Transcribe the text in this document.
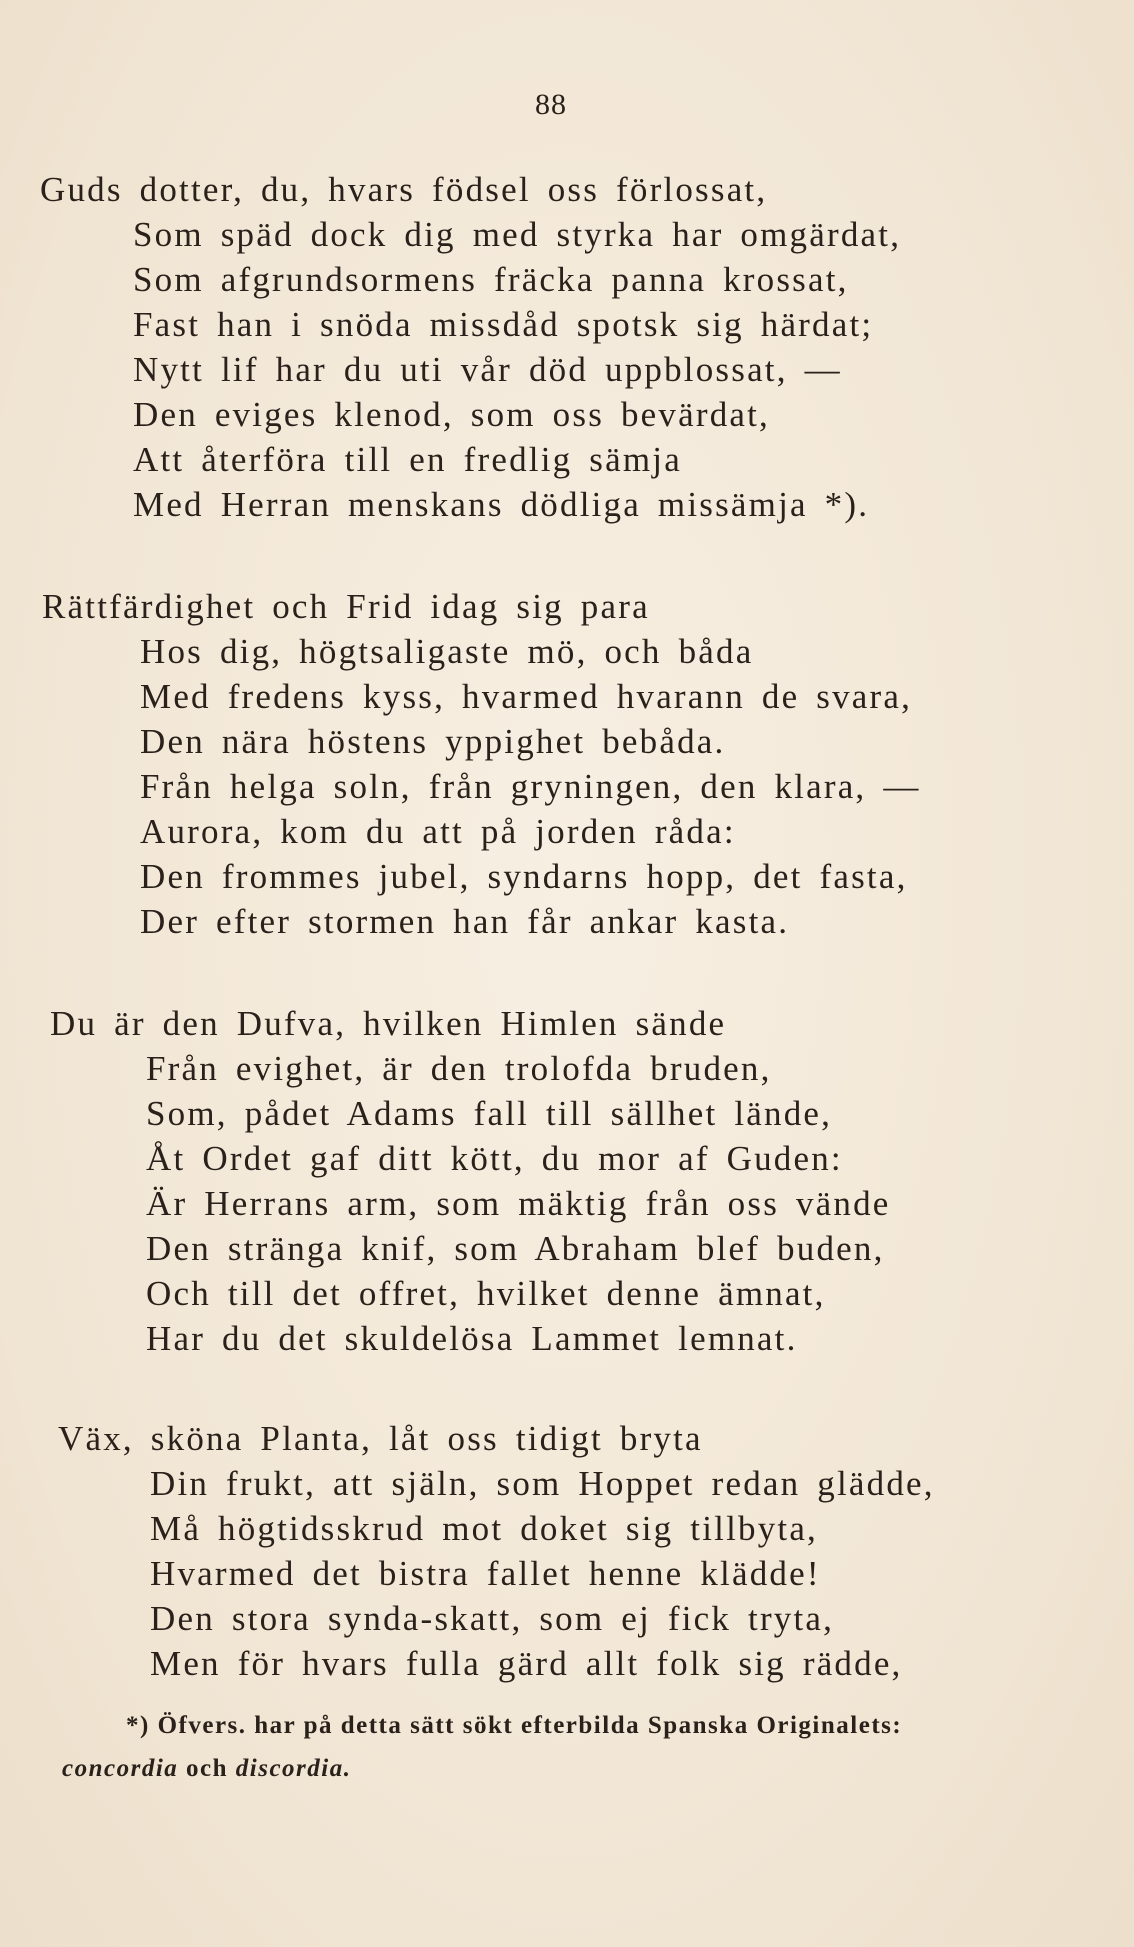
88
Guds dotter, du, hvars födsel oss förlossat,
Som späd dock dig med styrka har omgärdat,
Som afgrundsormens fräcka panna krossat,
Fast han i snöda missdåd spotsk sig härdat;
Nytt lif har du uti vår död uppblossat, —
Den eviges klenod, som oss bevärdat,
Att återföra till en fredlig sämja
Med Herran menskans dödliga missämja *).
Rättfärdighet och Frid idag sig para
Hos dig, högtsaligaste mö, och båda
Med fredens kyss, hvarmed hvarann de svara,
Den nära höstens yppighet bebåda.
Från helga soln, från gryningen, den klara, —
Aurora, kom du att på jorden råda:
Den frommes jubel, syndarns hopp, det fasta,
Der efter stormen han får ankar kasta.
Du är den Dufva, hvilken Himlen sände
Från evighet, är den trolofda bruden,
Som, pådet Adams fall till sällhet lände,
Åt Ordet gaf ditt kött, du mor af Guden:
Är Herrans arm, som mäktig från oss vände
Den stränga knif, som Abraham blef buden,
Och till det offret, hvilket denne ämnat,
Har du det skuldelösa Lammet lemnat.
Väx, sköna Planta, låt oss tidigt bryta
Din frukt, att själn, som Hoppet redan glädde,
Må högtidsskrud mot doket sig tillbyta,
Hvarmed det bistra fallet henne klädde!
Den stora synda-skatt, som ej fick tryta,
Men för hvars fulla gärd allt folk sig rädde,
*) Öfvers. har på detta sätt sökt efterbilda Spanska Originalets:
concordia och discordia.
